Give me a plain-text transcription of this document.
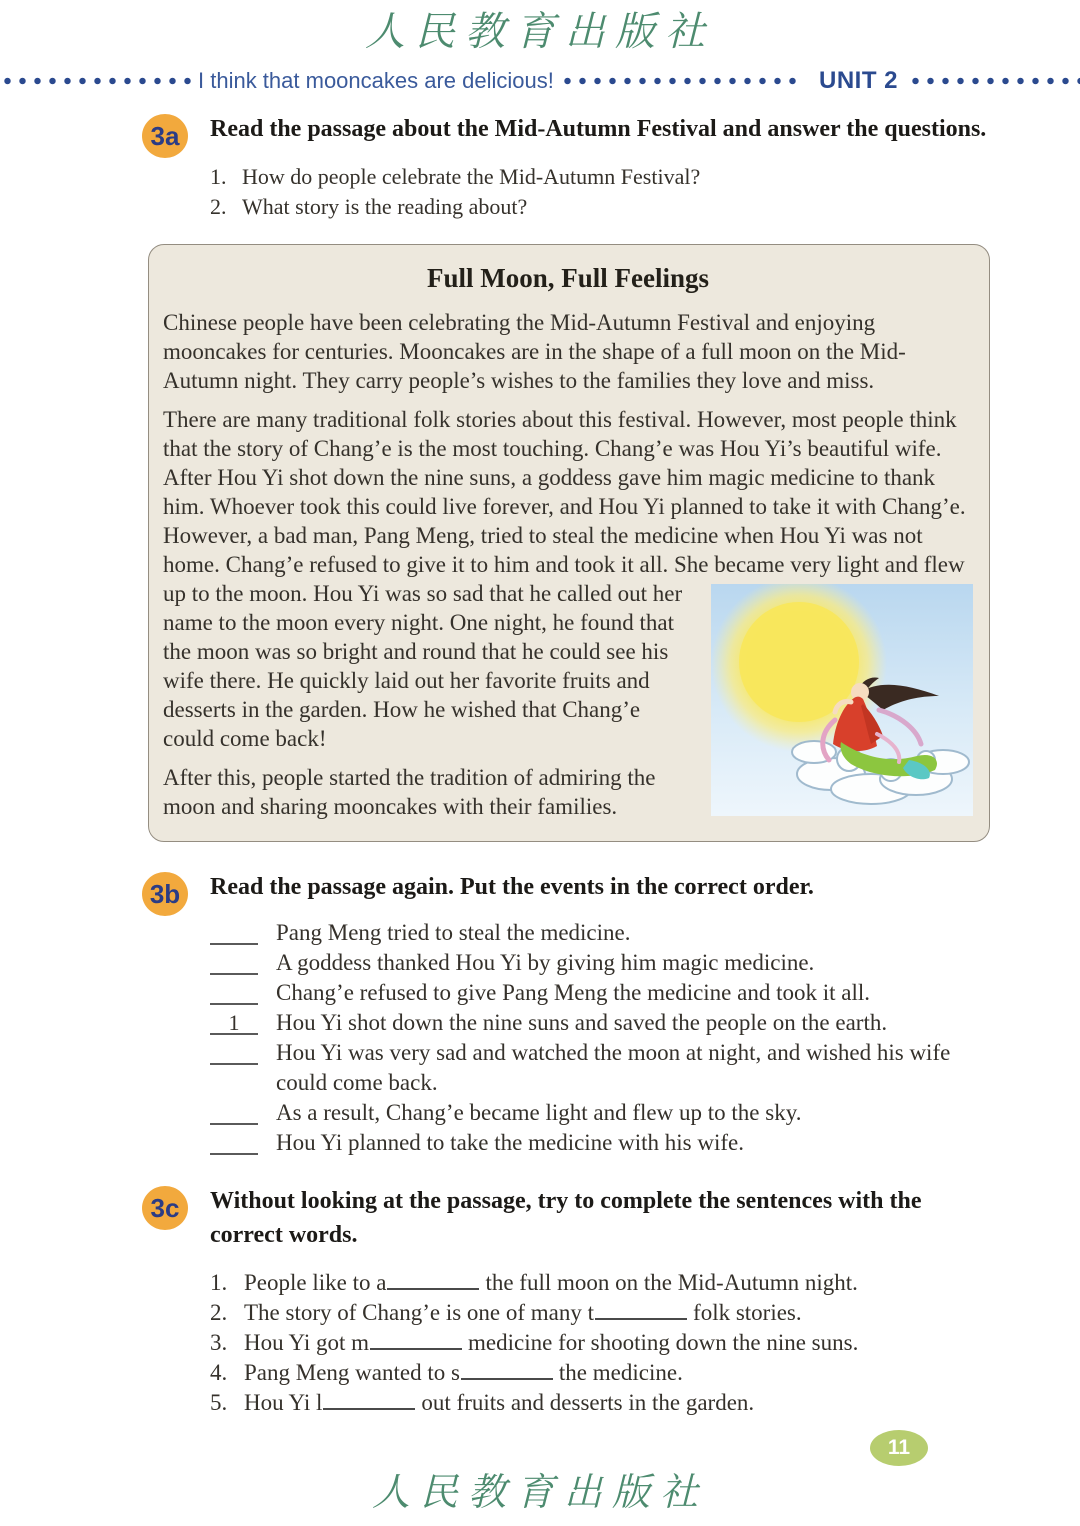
人民教育出版社
I think that mooncakes are delicious!	UNIT 2
3a	Read the passage about the Mid-Autumn Festival and answer the questions.
1. How do people celebrate the Mid-Autumn Festival?
2. What story is the reading about?
Full Moon, Full Feelings

Chinese people have been celebrating the Mid-Autumn Festival and enjoying mooncakes for centuries. Mooncakes are in the shape of a full moon on the Mid-Autumn night. They carry people’s wishes to the families they love and miss.

There are many traditional folk stories about this festival. However, most people think that the story of Chang’e is the most touching. Chang’e was Hou Yi’s beautiful wife. After Hou Yi shot down the nine suns, a goddess gave him magic medicine to thank him. Whoever took this could live forever, and Hou Yi planned to take it with Chang’e. However, a bad man, Pang Meng, tried to steal the medicine when Hou Yi was not home. Chang’e refused to give it to him and took it all. She became very
light and flew up to the moon. Hou Yi was so sad that he called out her name to the moon every night. One night, he found that the moon was so bright and round that he could see his wife there. He quickly laid out her favorite fruits and desserts in the garden. How he wished that Chang’e could come back!

After this, people started the tradition of admiring the moon and sharing mooncakes with their families.

3b	Read the passage again. Put the events in the correct order.
Pang Meng tried to steal the medicine.
A goddess thanked Hou Yi by giving him magic medicine.
Chang’e refused to give Pang Meng the medicine and took it all.
1	Hou Yi shot down the nine suns and saved the people on the earth.
Hou Yi was very sad and watched the moon at night, and wished his wife could come back.
As a result, Chang’e became light and flew up to the sky.
Hou Yi planned to take the medicine with his wife.
3c	Without looking at the passage, try to complete the sentences with the correct words.
1. People like to a	the full moon on the Mid-Autumn night.
2. The story of Chang’e is one of many t	folk stories.
3. Hou Yi got m	medicine for shooting down the nine suns.
4. Pang Meng wanted to s	the medicine.
5. Hou Yi l	out fruits and desserts in the garden.
11
人民教育出版社
